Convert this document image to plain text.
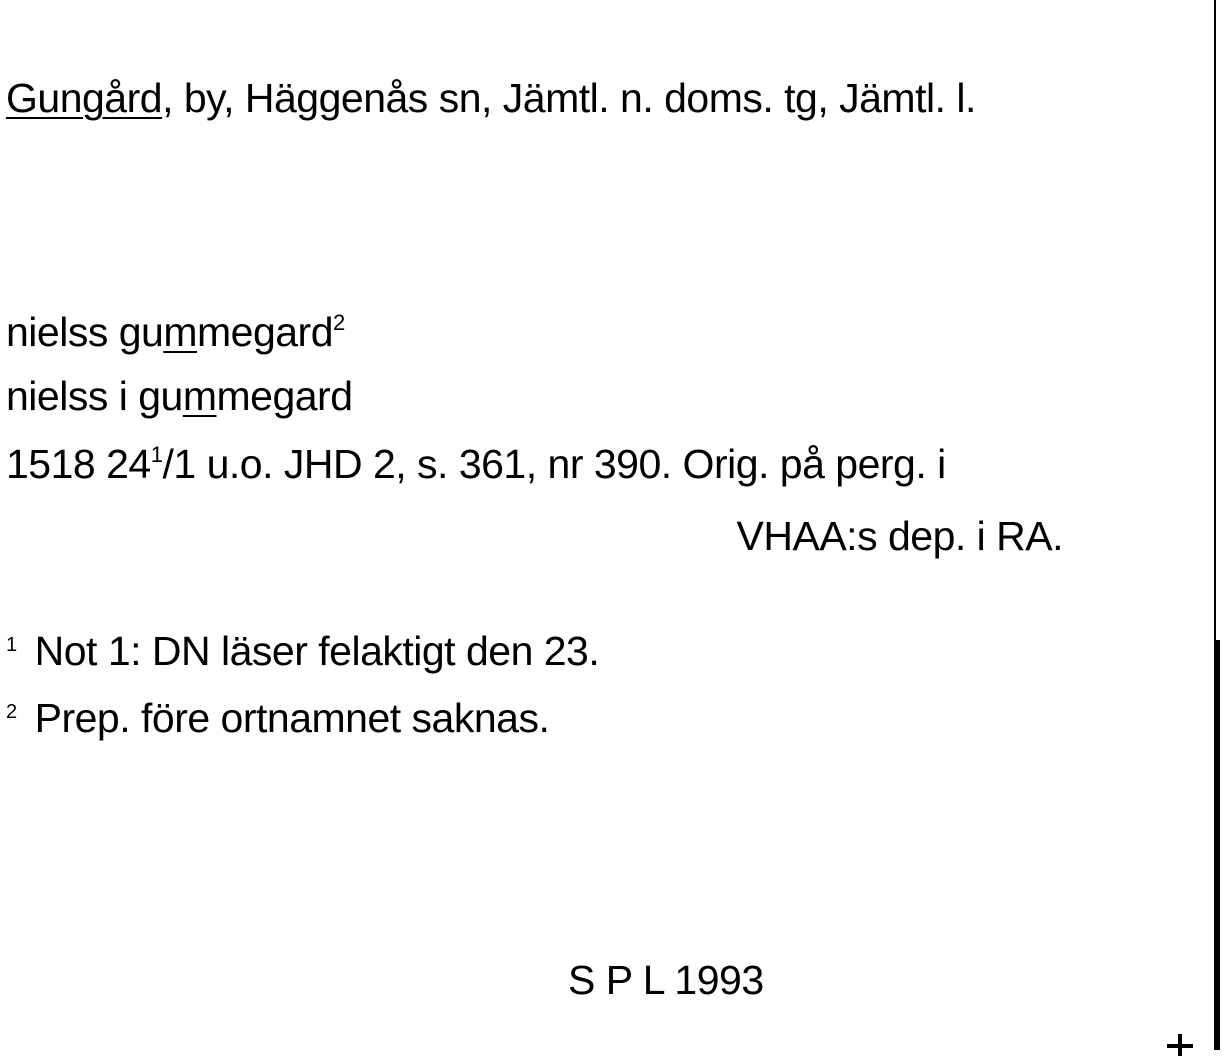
Gungård, by, Häggenås sn, Jämtl. n. doms. tg, Jämtl. l.
nielss gummegard$^2$
nielss i gummegard
1518 $24^1/1$ u.o. JHD 2, s. 361, nr 390. Orig. på perg. i
VHAA:s dep. i RA.
$^1$ Not 1: DN läser felaktigt den 23.
$^2$ Prep. före ortnamnet saknas.
S P L 1993
